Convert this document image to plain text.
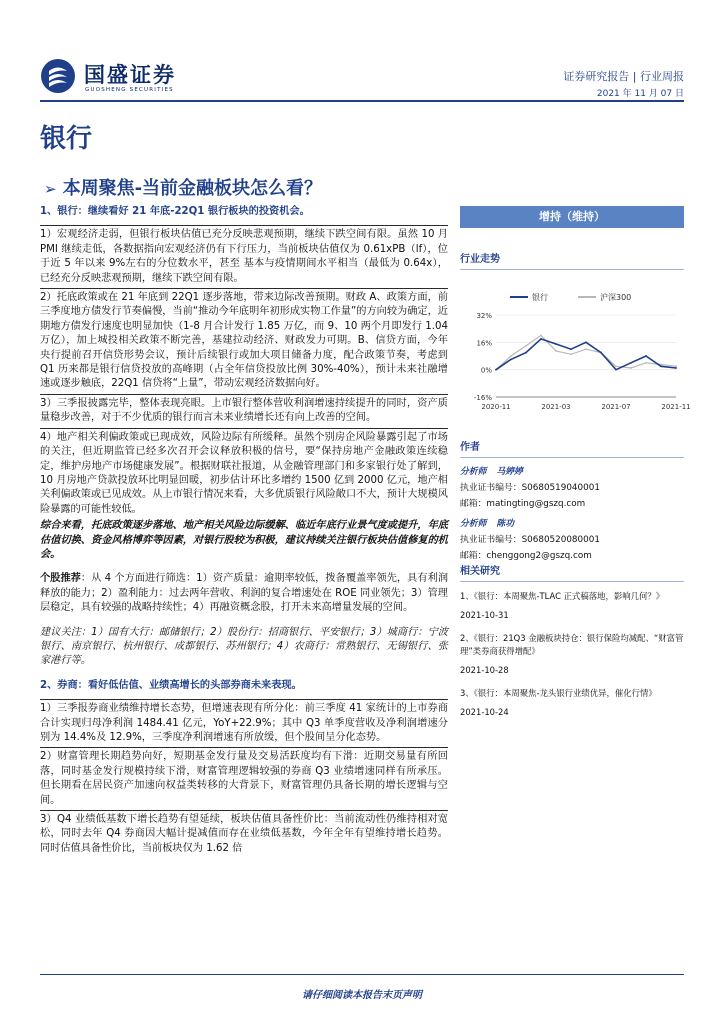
国盛证券
GUOSHENG SECURITIES
证券研究报告 | 行业周报
2021 年 11 月 07 日
银行
➢ 本周聚焦-当前金融板块怎么看？

1、银行：继续看好 21 年底-22Q1 银行板块的投资机会。

1）宏观经济走弱，但银行板块估值已充分反映悲观预期，继续下跌空间有限。虽然 10 月 PMI 继续走低，各数据指向宏观经济仍有下行压力，当前板块估值仅为 0.61xPB（lf），位于近 5 年以来 9%左右的分位数水平，甚至 基本与疫情期间水平相当（最低为 0.64x），已经充分反映悲观预期，继续下跌空间有限。

2）托底政策或在 21 年底到 22Q1 逐步落地，带来边际改善预期。财政 A、政策方面，前三季度地方债发行节奏偏慢，当前“推动今年底明年初形成实物工作量”的方向较为确定，近期地方债发行速度也明显加快（1-8 月合计发行 1.85 万亿，而 9、10 两个月即发行 1.04 万亿），加上城投相关政策不断完善，基建拉动经济、财政发力可期。B、信贷方面，今年央行提前召开信贷形势会议，预计后续银行或加大项目储备力度，配合政策节奏，考虑到 Q1 历来都是银行信贷投放的高峰期（占全年信贷投放比例 30%-40%），预计未来社融增速或逐步触底，22Q1 信贷将“上量”，带动宏观经济数据向好。

3）三季报披露完毕，整体表现亮眼。上市银行整体营收利润增速持续提升的同时，资产质量稳步改善，对于不少优质的银行而言未来业绩增长还有向上改善的空间。

4）地产相关利偏政策或已现成效，风险边际有所缓释。虽然个别房企风险暴露引起了市场的关注，但近期监管已经多次召开会议释放积极的信号，要“保持房地产金融政策连续稳定，维护房地产市场健康发展”。根据财联社报道，从金融管理部门和多家银行处了解到，10 月房地产贷款投放环比明显回暖，初步估计环比多增约 1500 亿到 2000 亿元，地产相关利偏政策或已见成效。从上市银行情况来看，大多优质银行风险敞口不大，预计大规模风险暴露的可能性较低。

综合来看，托底政策逐步落地、地产相关风险边际缓解、临近年底行业景气度或提升，年底估值切换、资金风格博弈等因素，对银行股较为积极，建议持续关注银行板块估值修复的机会。

个股推荐：从 4 个方面进行筛选：1）资产质量：逾期率较低，拨备覆盖率领先，具有利润释放的能力；2）盈利能力：过去两年营收、利润的复合增速处在 ROE 同业领先；3）管理层稳定，具有较强的战略持续性；4）再融资概念股，打开未来高增量发展的空间。

建议关注：1）国有大行：邮储银行；2）股份行：招商银行、平安银行；3）城商行：宁波银行、南京银行、杭州银行、成都银行、苏州银行；4）农商行：常熟银行、无锡银行、张家港行等。

2、券商：看好低估值、业绩高增长的头部券商未来表现。

1）三季报券商业绩维持增长态势，但增速表现有所分化：前三季度 41 家统计的上市券商合计实现归母净利润 1484.41 亿元，YoY+22.9%；其中 Q3 单季度营收及净利润增速分别为 14.4%及 12.9%，三季度净利润增速有所放缓，但个股间呈分化态势。

2）财富管理长期趋势向好，短期基金发行量及交易活跃度均有下滑：近期交易量有所回落，同时基金发行规模持续下滑，财富管理逻辑较强的券商 Q3 业绩增速同样有所承压。但长期看在居民资产加速向权益类转移的大背景下，财富管理仍具备长期的增长逻辑与空间。

3）Q4 业绩低基数下增长趋势有望延续，板块估值具备性价比：当前流动性仍维持相对宽松，同时去年 Q4 券商因大幅计提减值而存在业绩低基数，今年全年有望维持增长趋势。同时估值具备性价比，当前板块仅为 1.62 倍

增持（维持）
行业走势
银行	沪深300
32%
16%
0%
-16%
2020-11	2021-03	2021-07	2021-11
作者
分析师 马婷婷
执业证书编号：S0680519040001
邮箱：matingting@gszq.com
分析师 陈功
执业证书编号：S0680520080001
邮箱：chenggong2@gszq.com
相关研究
1、《银行：本周聚焦-TLAC 正式稿落地，影响几何？》
2021-10-31
2、《银行：21Q3 金融板块持仓：银行保险均减配、“财富管理”类券商获得增配》
2021-10-28
3、《银行：本周聚焦-龙头银行业绩优异，催化行情》
2021-10-24
请仔细阅读本报告末页声明
